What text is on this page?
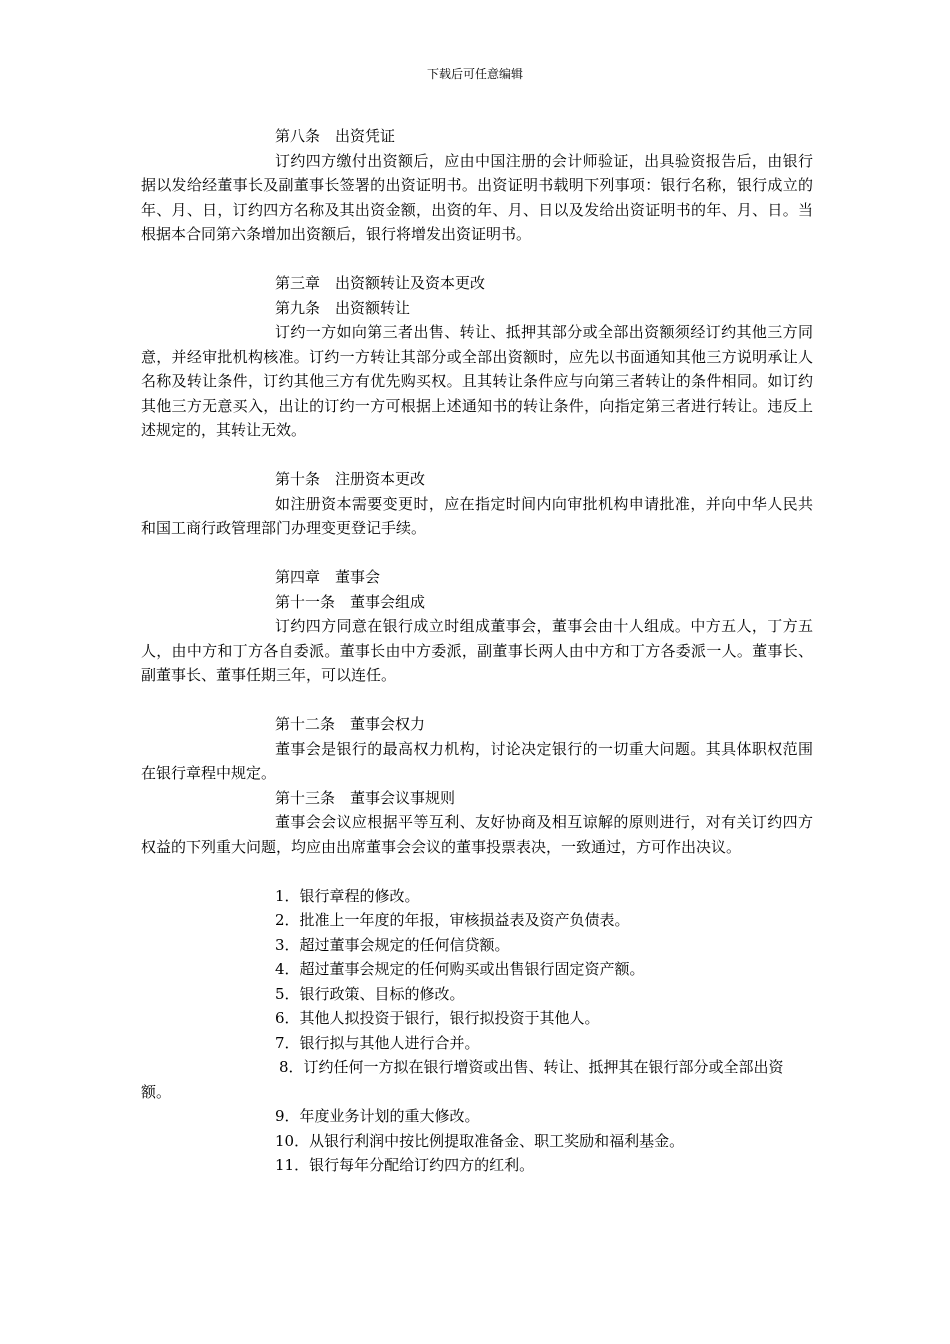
下载后可任意编辑

第八条　出资凭证

订约四方缴付出资额后，应由中国注册的会计师验证，出具验资报告后，由银行据以发给经董事长及副董事长签署的出资证明书。出资证明书载明下列事项：银行名称，银行成立的年、月、日，订约四方名称及其出资金额，出资的年、月、日以及发给出资证明书的年、月、日。当根据本合同第六条增加出资额后，银行将增发出资证明书。

第三章　出资额转让及资本更改

第九条　出资额转让

订约一方如向第三者出售、转让、抵押其部分或全部出资额须经订约其他三方同意，并经审批机构核准。订约一方转让其部分或全部出资额时，应先以书面通知其他三方说明承让人名称及转让条件，订约其他三方有优先购买权。且其转让条件应与向第三者转让的条件相同。如订约其他三方无意买入，出让的订约一方可根据上述通知书的转让条件，向指定第三者进行转让。违反上述规定的，其转让无效。

第十条　注册资本更改

如注册资本需要变更时，应在指定时间内向审批机构申请批准，并向中华人民共和国工商行政管理部门办理变更登记手续。

第四章　董事会

第十一条　董事会组成

订约四方同意在银行成立时组成董事会，董事会由十人组成。中方五人，丁方五人，由中方和丁方各自委派。董事长由中方委派，副董事长两人由中方和丁方各委派一人。董事长、副董事长、董事任期三年，可以连任。

第十二条　董事会权力

董事会是银行的最高权力机构，讨论决定银行的一切重大问题。其具体职权范围在银行章程中规定。

第十三条　董事会议事规则

董事会会议应根据平等互利、友好协商及相互谅解的原则进行，对有关订约四方权益的下列重大问题，均应由出席董事会会议的董事投票表决，一致通过，方可作出决议。

1．银行章程的修改。

2．批准上一年度的年报，审核损益表及资产负债表。

3．超过董事会规定的任何信贷额。

4．超过董事会规定的任何购买或出售银行固定资产额。

5．银行政策、目标的修改。

6．其他人拟投资于银行，银行拟投资于其他人。

7．银行拟与其他人进行合并。

8．订约任何一方拟在银行增资或出售、转让、抵押其在银行部分或全部出资额。

9．年度业务计划的重大修改。

10．从银行利润中按比例提取准备金、职工奖励和福利基金。

11．银行每年分配给订约四方的红利。
